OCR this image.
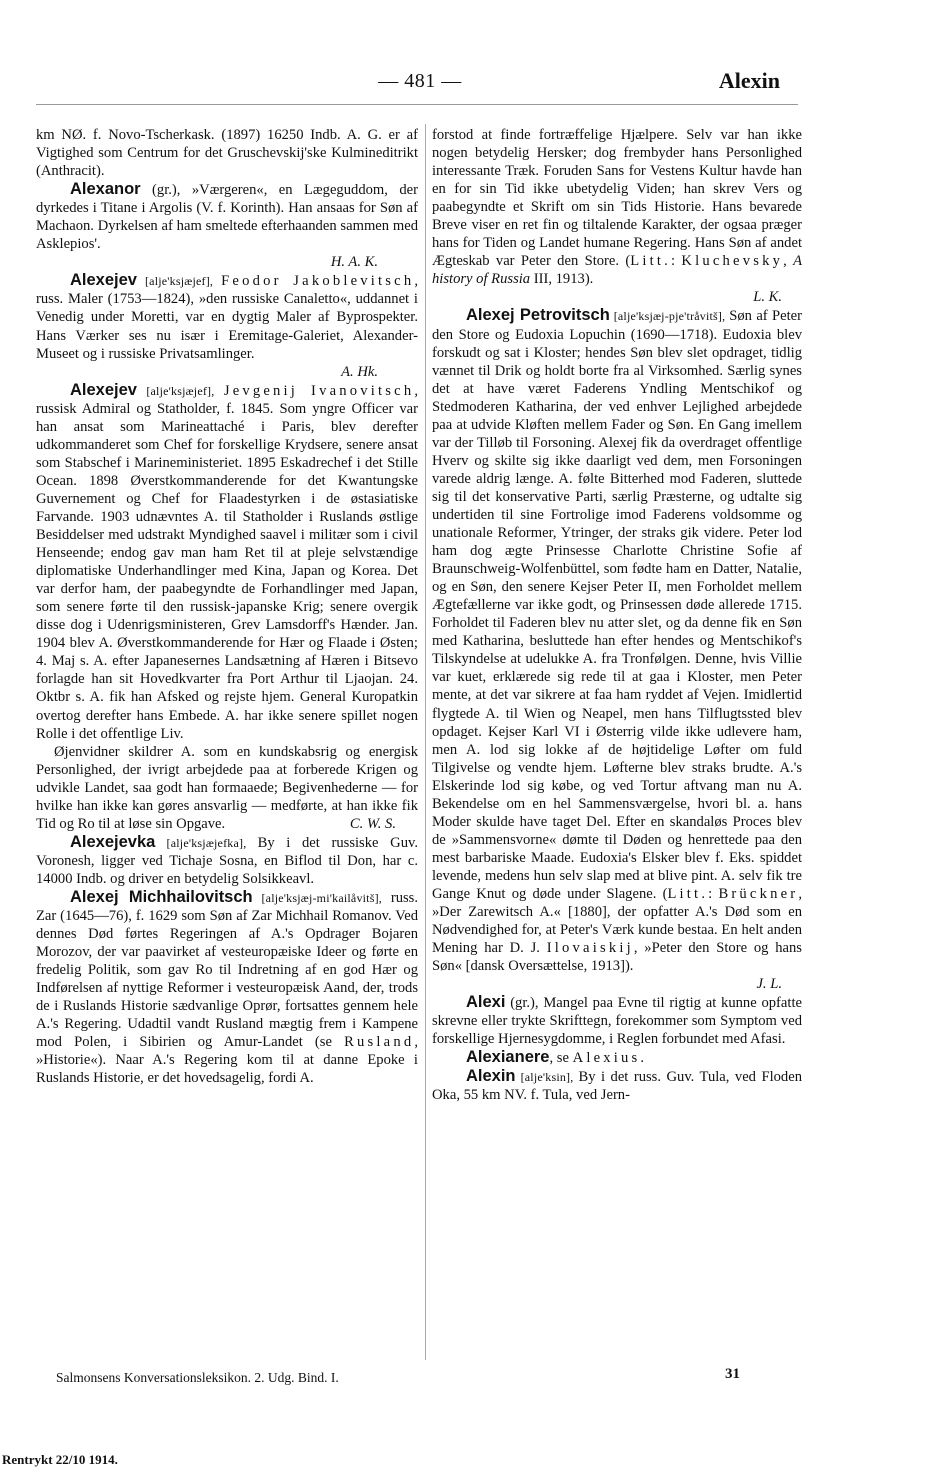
— 481 —	Alexin

km NØ. f. Novo-Tscherkask. (1897) 16250 Indb. A. G. er af Vigtighed som Centrum for det Gruschevskij'ske Kulmineditrikt (Anthracit).

Alexanor (gr.), »Værgeren«, en Lægeguddom, der dyrkedes i Titane i Argolis (V. f. Korinth). Han ansaas for Søn af Machaon. Dyrkelsen af ham smeltede efterhaanden sammen med Asklepios'.

H. A. K.

Alexejev [alje'ksjæjef], Feodor Jakoblevitsch, russ. Maler (1753—1824), »den russiske Canaletto«, uddannet i Venedig under Moretti, var en dygtig Maler af Byprospekter. Hans Værker ses nu især i Eremitage-Galeriet, Alexander-Museet og i russiske Privatsamlinger.

A. Hk.

Alexejev [alje'ksjæjef], Jevgenij Ivanovitsch, russisk Admiral og Statholder, f. 1845. Som yngre Officer var han ansat som Marineattaché i Paris, blev derefter udkommanderet som Chef for forskellige Krydsere, senere ansat som Stabschef i Marineministeriet. 1895 Eskadrechef i det Stille Ocean. 1898 Øverstkommanderende for det Kwantungske Guvernement og Chef for Flaadestyrken i de østasiatiske Farvande. 1903 udnævntes A. til Statholder i Ruslands østlige Besiddelser med udstrakt Myndighed saavel i militær som i civil Henseende; endog gav man ham Ret til at pleje selvstændige diplomatiske Underhandlinger med Kina, Japan og Korea. Det var derfor ham, der paabegyndte de Forhandlinger med Japan, som senere førte til den russisk-japanske Krig; senere overgik disse dog i Udenrigsministeren, Grev Lamsdorff's Hænder. Jan. 1904 blev A. Øverstkommanderende for Hær og Flaade i Østen; 4. Maj s. A. efter Japanesernes Landsætning af Hæren i Bitsevo forlagde han sit Hovedkvarter fra Port Arthur til Ljaojan. 24. Oktbr s. A. fik han Afsked og rejste hjem. General Kuropatkin overtog derefter hans Embede. A. har ikke senere spillet nogen Rolle i det offentlige Liv.

Øjenvidner skildrer A. som en kundskabsrig og energisk Personlighed, der ivrigt arbejdede paa at forberede Krigen og udvikle Landet, saa godt han formaaede; Begivenhederne — for hvilke han ikke kan gøres ansvarlig — medførte, at han ikke fik Tid og Ro til at løse sin Opgave.	C. W. S.

Alexejevka [alje'ksjæjefka], By i det russiske Guv. Voronesh, ligger ved Tichaje Sosna, en Biflod til Don, har c. 14000 Indb. og driver en betydelig Solsikkeavl.

Alexej Michhailovitsch [alje'ksjæj-mi'kailåvitš], russ. Zar (1645—76), f. 1629 som Søn af Zar Michhail Romanov. Ved dennes Død førtes Regeringen af A.'s Opdrager Bojaren Morozov, der var paavirket af vesteuropæiske Ideer og førte en fredelig Politik, som gav Ro til Indretning af en god Hær og Indførelsen af nyttige Reformer i vesteuropæisk Aand, der, trods de i Ruslands Historie sædvanlige Oprør, fortsattes gennem hele A.'s Regering. Udadtil vandt Rusland mægtig frem i Kampene mod Polen, i Sibirien og Amur-Landet (se Rusland, »Historie«). Naar A.'s Regering kom til at danne Epoke i Ruslands Historie, er det hovedsagelig, fordi A.

forstod at finde fortræffelige Hjælpere. Selv var han ikke nogen betydelig Hersker; dog frembyder hans Personlighed interessante Træk. Foruden Sans for Vestens Kultur havde han en for sin Tid ikke ubetydelig Viden; han skrev Vers og paabegyndte et Skrift om sin Tids Historie. Hans bevarede Breve viser en ret fin og tiltalende Karakter, der ogsaa præger hans for Tiden og Landet humane Regering. Hans Søn af andet Ægteskab var Peter den Store. (Litt.: Kluchevsky, A history of Russia III, 1913).

L. K.

Alexej Petrovitsch [alje'ksjæj-pje'tråvitš], Søn af Peter den Store og Eudoxia Lopuchin (1690—1718). Eudoxia blev forskudt og sat i Kloster; hendes Søn blev slet opdraget, tidlig vænnet til Drik og holdt borte fra al Virksomhed. Særlig synes det at have været Faderens Yndling Mentschikof og Stedmoderen Katharina, der ved enhver Lejlighed arbejdede paa at udvide Kløften mellem Fader og Søn. En Gang imellem var der Tilløb til Forsoning. Alexej fik da overdraget offentlige Hverv og skilte sig ikke daarligt ved dem, men Forsoningen varede aldrig længe. A. følte Bitterhed mod Faderen, sluttede sig til det konservative Parti, særlig Præsterne, og udtalte sig undertiden til sine Fortrolige imod Faderens voldsomme og unationale Reformer, Ytringer, der straks gik videre. Peter lod ham dog ægte Prinsesse Charlotte Christine Sofie af Braunschweig-Wolfenbüttel, som fødte ham en Datter, Natalie, og en Søn, den senere Kejser Peter II, men Forholdet mellem Ægtefællerne var ikke godt, og Prinsessen døde allerede 1715. Forholdet til Faderen blev nu atter slet, og da denne fik en Søn med Katharina, besluttede han efter hendes og Mentschikof's Tilskyndelse at udelukke A. fra Tronfølgen. Denne, hvis Villie var kuet, erklærede sig rede til at gaa i Kloster, men Peter mente, at det var sikrere at faa ham ryddet af Vejen. Imidlertid flygtede A. til Wien og Neapel, men hans Tilflugtssted blev opdaget. Kejser Karl VI i Østerrig vilde ikke udlevere ham, men A. lod sig lokke af de højtidelige Løfter om fuld Tilgivelse og vendte hjem. Løfterne blev straks brudte. A.'s Elskerinde lod sig købe, og ved Tortur aftvang man nu A. Bekendelse om en hel Sammensværgelse, hvori bl. a. hans Moder skulde have taget Del. Efter en skandaløs Proces blev de »Sammensvorne« dømte til Døden og henrettede paa den mest barbariske Maade. Eudoxia's Elsker blev f. Eks. spiddet levende, medens hun selv slap med at blive pint. A. selv fik tre Gange Knut og døde under Slagene. (Litt.: Brückner, »Der Zarewitsch A.« [1880], der opfatter A.'s Død som en Nødvendighed for, at Peter's Værk kunde bestaa. En helt anden Mening har D. J. Ilovaiskij, »Peter den Store og hans Søn« [dansk Oversættelse, 1913]).

J. L.

Alexi (gr.), Mangel paa Evne til rigtig at kunne opfatte skrevne eller trykte Skrifttegn, forekommer som Symptom ved forskellige Hjernesygdomme, i Reglen forbundet med Afasi.

Alexianere, se Alexius.

Alexin [alje'ksin], By i det russ. Guv. Tula, ved Floden Oka, 55 km NV. f. Tula, ved Jern-

Salmonsens Konversationsleksikon. 2. Udg. Bind. I.	31
Rentrykt 22/10 1914.
